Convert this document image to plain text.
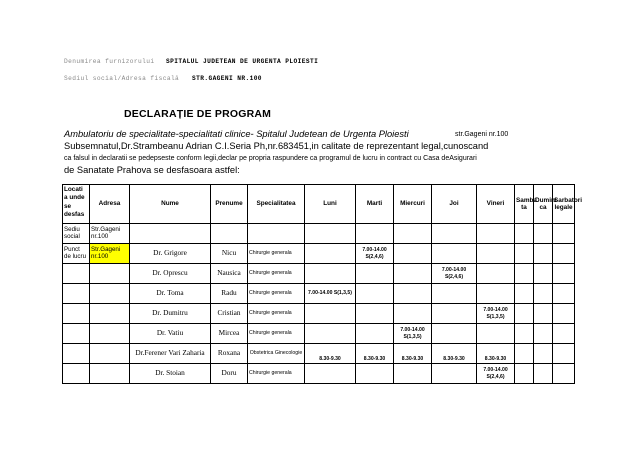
Denumirea furnizorului SPITALUL JUDETEAN DE URGENTA PLOIESTI
Sediul social/Adresa fiscală STR.GAGENI NR.100
DECLARAȚIE DE PROGRAM
Ambulatoriu de specialitate-specialitati clinice- Spitalul Judetean de Urgenta Ploiesti	str.Gageni nr.100
Subsemnatul,Dr.Strambeanu Adrian C.I.Seria Ph,nr.683451,in calitate de reprezentant legal,cunoscand
ca falsul in declaratii se pedepseste conform legii,declar pe propria raspundere ca programul de lucru in contract cu Casa deAsigurari
de Sanatate Prahova se desfasoara astfel:
Locati a unde se desfas	Adresa	Nume	Prenume	Specialitatea	Luni	Marti	Miercuri	Joi	Vineri	Samba ta	Dumini ca	Sarbatori legale
Sediu social	Str.Gageni nr.100											
Punct de lucru	Str.Gageni nr.100	Dr. Grigore	Nicu	Chirurgie generala		7.00-14.00 S(2,4,6)						
		Dr. Oprescu	Nausica	Chirurgie generala				7.00-14.00 S(2,4,6)				
		Dr. Toma	Radu	Chirurgie generala	7.00-14.00 S(1,3,5)							
		Dr. Dumitru	Cristian	Chirurgie generala					7.00-14.00 S(1,3,5)			
		Dr. Vatiu	Mircea	Chirurgie generala			7.00-14.00 S(1,3,5)					
		Dr.Ferener Vari Zaharia	Roxana	Obstetrica Ginecologie	8.30-9.30	8.30-9.30	8.30-9.30	8.30-9.30	8.30-9.30			
		Dr. Stoian	Doru	Chirurgie generala					7.00-14.00 S(2,4,6)			
